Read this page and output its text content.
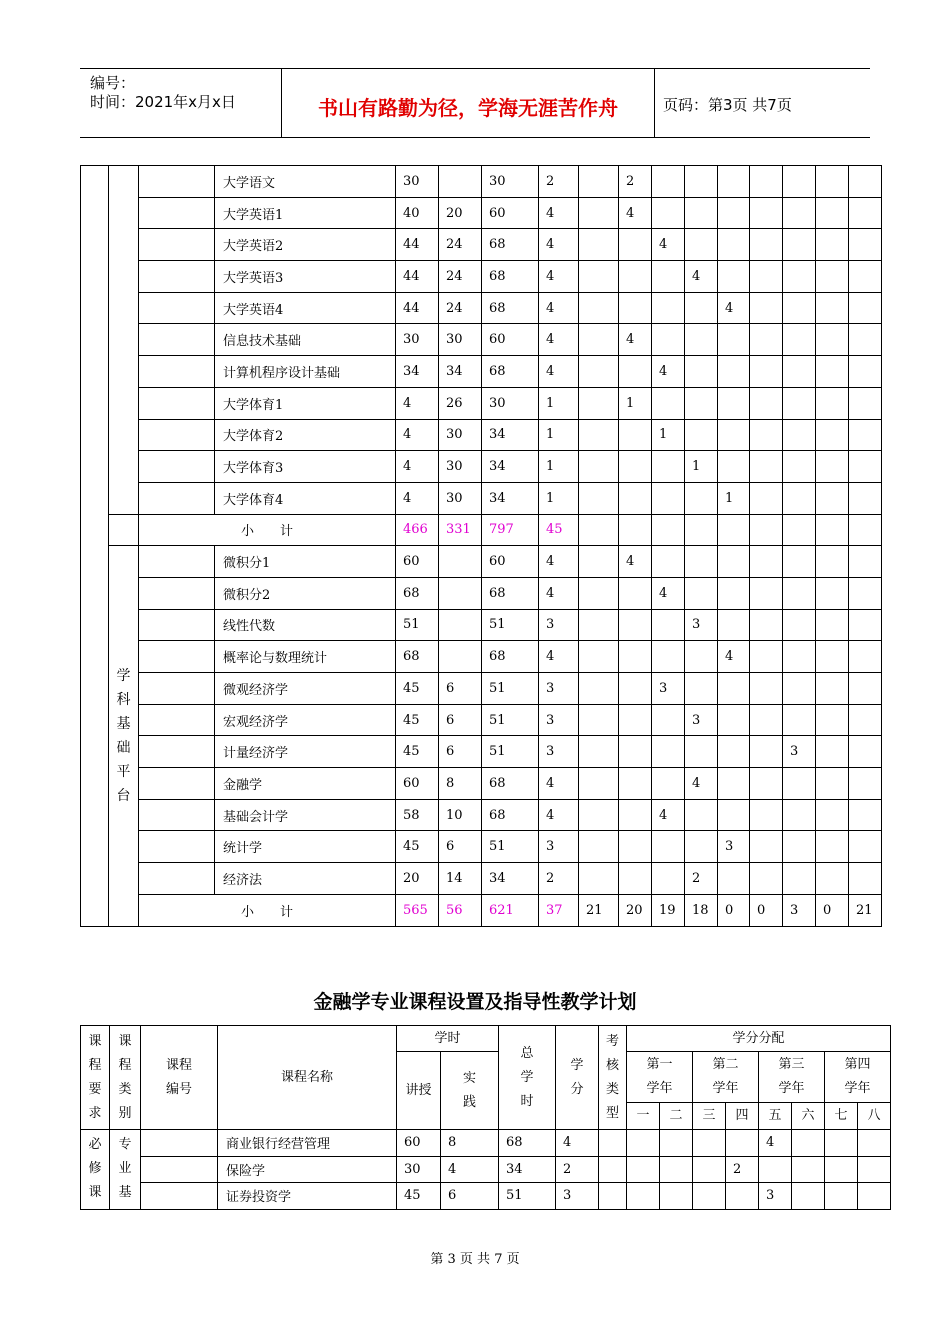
编号：
时间：2021年x月x日	书山有路勤为径，学海无涯苦作舟	页码：第3页 共7页
			大学语文	30		30	2		2							
			大学英语1	40	20	60	4		4							
			大学英语2	44	24	68	4			4						
			大学英语3	44	24	68	4				4					
			大学英语4	44	24	68	4					4				
			信息技术基础	30	30	60	4		4							
			计算机程序设计基础	34	34	68	4			4						
			大学体育1	4	26	30	1		1							
			大学体育2	4	30	34	1			1						
			大学体育3	4	30	34	1				1					
			大学体育4	4	30	34	1					1				
		小　　计		466	331	797	45									

	学科基础平台		微积分1	60		60	4		4							
			微积分2	68		68	4			4						
			线性代数	51		51	3				3					
			概率论与数理统计	68		68	4					4				
			微观经济学	45	6	51	3			3						
			宏观经济学	45	6	51	3				3					
			计量经济学	45	6	51	3							3		
			金融学	60	8	68	4				4					
			基础会计学	58	10	68	4			4						
			统计学	45	6	51	3					3				
			经济法	20	14	34	2				2					
		小　　计		565	56	621	37	21	20	19	18	0	0	3	0	21
金融学专业课程设置及指导性教学计划
课程要求	课程类别	课程编号	课程名称	学时		总学时	学分	考核类型	学分分配							

				讲授	实践				第一学年		第二学年		第三学年		第四学年	

									一	二	三	四	五	六	七	八

必修课	专业基		商业银行经营管理	60	8	68	4						4			
			保险学	30	4	34	2					2				
			证券投资学	45	6	51	3						3			
第 3 页 共 7 页
